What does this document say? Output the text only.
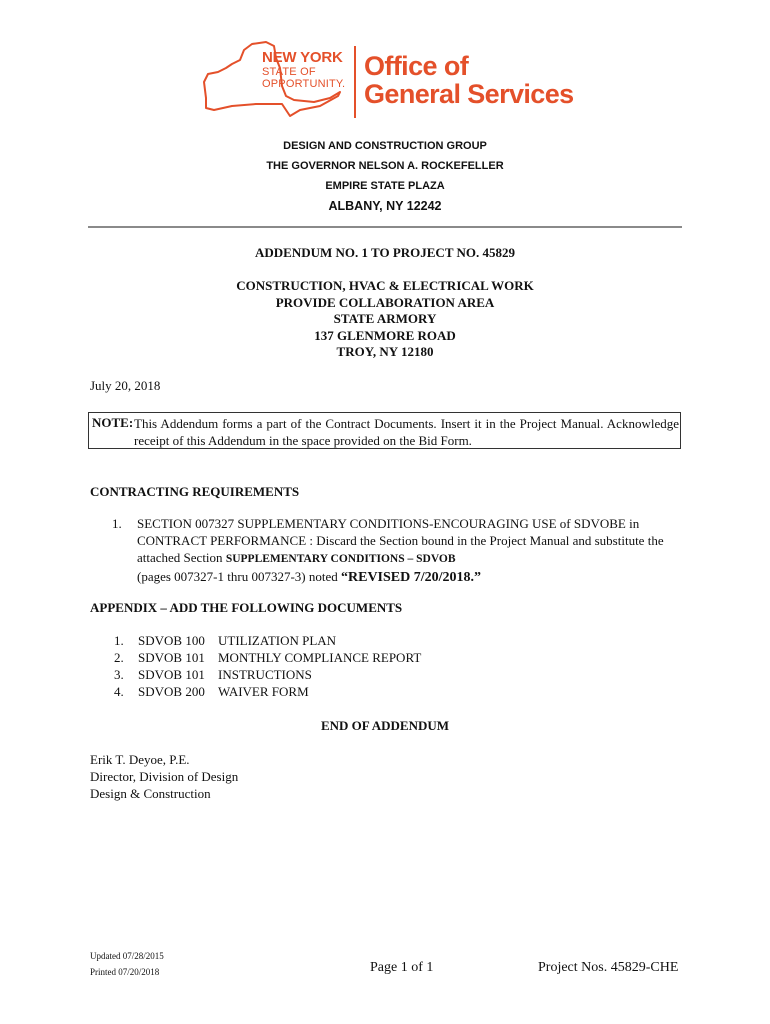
NEW YORK
STATE OF
OPPORTUNITY.
Office of
General Services
DESIGN AND CONSTRUCTION GROUP
THE GOVERNOR NELSON A. ROCKEFELLER
EMPIRE STATE PLAZA
ALBANY, NY 12242
ADDENDUM NO. 1 TO PROJECT NO. 45829
CONSTRUCTION, HVAC & ELECTRICAL WORK
PROVIDE COLLABORATION AREA
STATE ARMORY
137 GLENMORE ROAD
TROY, NY 12180
July 20, 2018
NOTE: This Addendum forms a part of the Contract Documents. Insert it in the Project Manual. Acknowledge receipt of this Addendum in the space provided on the Bid Form.
CONTRACTING REQUIREMENTS
1. SECTION 007327 SUPPLEMENTARY CONDITIONS-ENCOURAGING USE of SDVOBE in CONTRACT PERFORMANCE : Discard the Section bound in the Project Manual and substitute the attached Section SUPPLEMENTARY CONDITIONS – SDVOB
(pages 007327-1 thru 007327-3) noted “REVISED 7/20/2018.”
APPENDIX – ADD THE FOLLOWING DOCUMENTS
1. SDVOB 100 UTILIZATION PLAN
2. SDVOB 101 MONTHLY COMPLIANCE REPORT
3. SDVOB 101 INSTRUCTIONS
4. SDVOB 200 WAIVER FORM
END OF ADDENDUM
Erik T. Deyoe, P.E.
Director, Division of Design
Design & Construction
Updated 07/28/2015
Printed 07/20/2018	Page 1 of 1	Project Nos. 45829-CHE
